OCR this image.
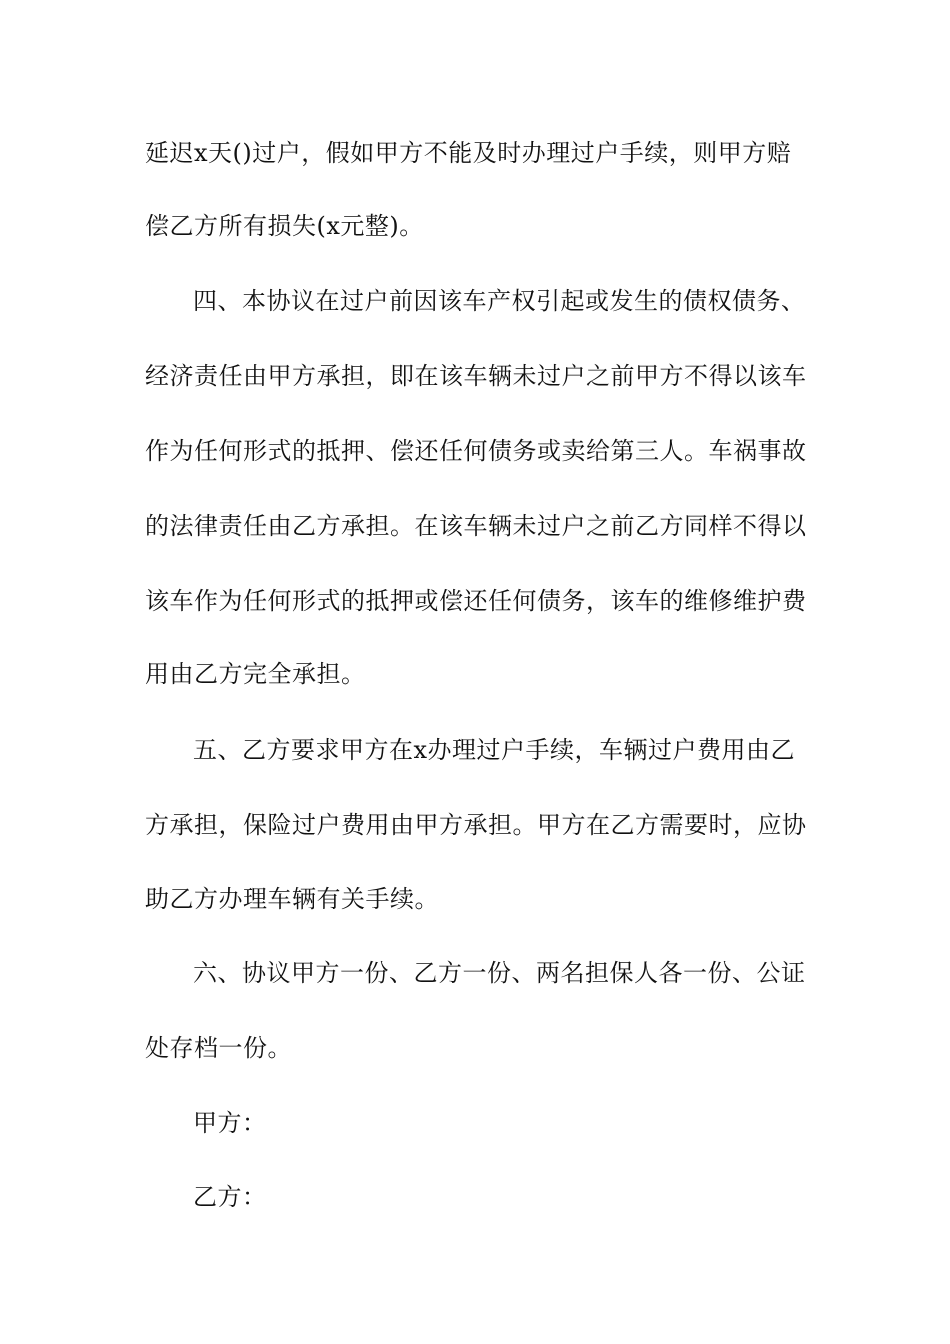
延迟x天()过户，假如甲方不能及时办理过户手续，则甲方赔
偿乙方所有损失(x元整)。
四、本协议在过户前因该车产权引起或发生的债权债务、
经济责任由甲方承担，即在该车辆未过户之前甲方不得以该车
作为任何形式的抵押、偿还任何债务或卖给第三人。车祸事故
的法律责任由乙方承担。在该车辆未过户之前乙方同样不得以
该车作为任何形式的抵押或偿还任何债务，该车的维修维护费
用由乙方完全承担。
五、乙方要求甲方在x办理过户手续，车辆过户费用由乙
方承担，保险过户费用由甲方承担。甲方在乙方需要时，应协
助乙方办理车辆有关手续。
六、协议甲方一份、乙方一份、两名担保人各一份、公证
处存档一份。
甲方：
乙方：
